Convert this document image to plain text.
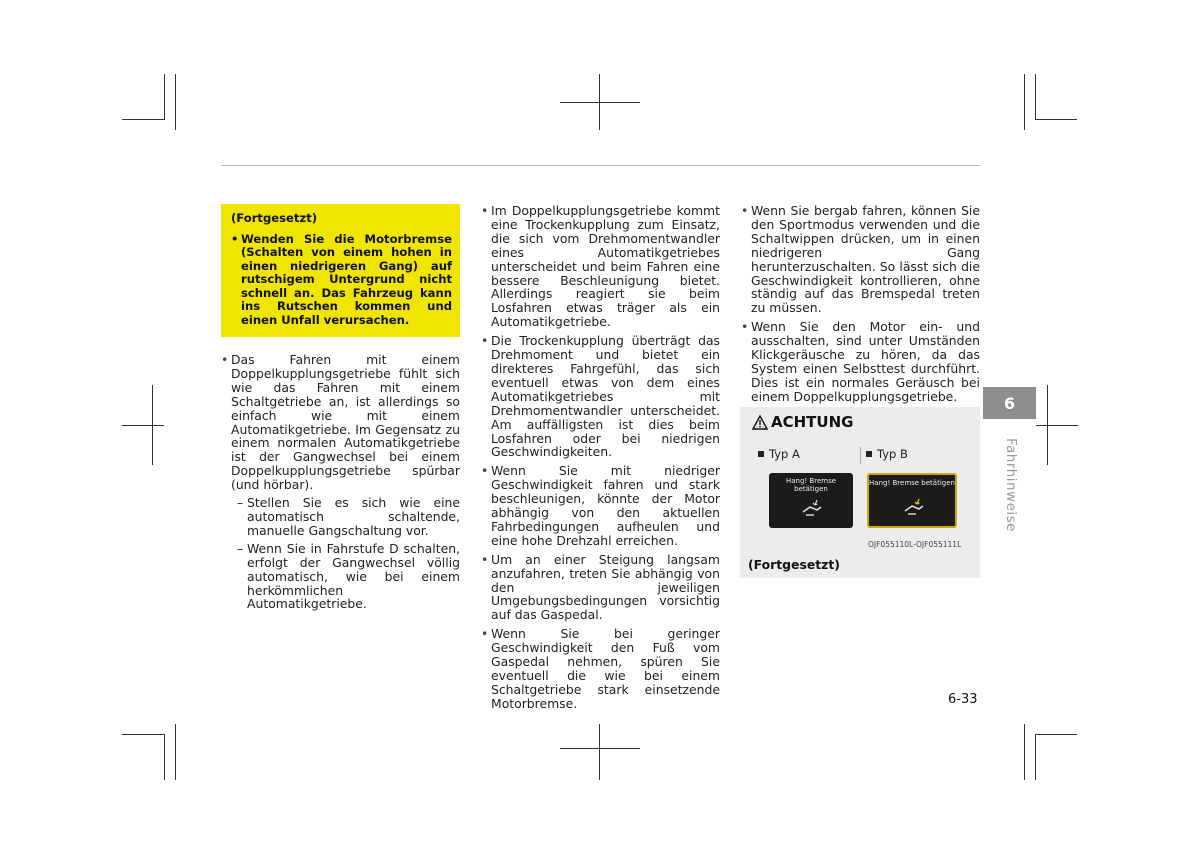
(Fortgesetzt)
• Wenden Sie die Motorbremse (Schalten von einem hohen in einen niedrigeren Gang) auf rutschigem Untergrund nicht schnell an. Das Fahrzeug kann ins Rutschen kommen und einen Unfall verursachen.
• Das Fahren mit einem Doppelkupplungsgetriebe fühlt sich wie das Fahren mit einem Schaltgetriebe an, ist allerdings so einfach wie mit einem Automatikgetriebe. Im Gegensatz zu einem normalen Automatikgetriebe ist der Gangwechsel bei einem Doppelkupplungsgetriebe spürbar (und hörbar).
– Stellen Sie es sich wie eine automatisch schaltende, manuelle Gangschaltung vor.
– Wenn Sie in Fahrstufe D schalten, erfolgt der Gangwechsel völlig automatisch, wie bei einem herkömmlichen Automatikgetriebe.
• Im Doppelkupplungsgetriebe kommt eine Trockenkupplung zum Einsatz, die sich vom Drehmomentwandler eines Automatikgetriebes unterscheidet und beim Fahren eine bessere Beschleunigung bietet. Allerdings reagiert sie beim Losfahren etwas träger als ein Automatikgetriebe.
• Die Trockenkupplung überträgt das Drehmoment und bietet ein direkteres Fahrgefühl, das sich eventuell etwas von dem eines Automatikgetriebes mit Drehmomentwandler unterscheidet. Am auffälligsten ist dies beim Losfahren oder bei niedrigen Geschwindigkeiten.
• Wenn Sie mit niedriger Geschwindigkeit fahren und stark beschleunigen, könnte der Motor abhängig von den aktuellen Fahrbedingungen aufheulen und eine hohe Drehzahl erreichen.
• Um an einer Steigung langsam anzufahren, treten Sie abhängig von den jeweiligen Umgebungsbedingungen vorsichtig auf das Gaspedal.
• Wenn Sie bei geringer Geschwindigkeit den Fuß vom Gaspedal nehmen, spüren Sie eventuell die wie bei einem Schaltgetriebe stark einsetzende Motorbremse.
• Wenn Sie bergab fahren, können Sie den Sportmodus verwenden und die Schaltwippen drücken, um in einen niedrigeren Gang herunterzuschalten. So lässt sich die Geschwindigkeit kontrollieren, ohne ständig auf das Bremspedal treten zu müssen.
• Wenn Sie den Motor ein- und ausschalten, sind unter Umständen Klickgeräusche zu hören, da das System einen Selbsttest durchführt. Dies ist ein normales Geräusch bei einem Doppelkupplungsgetriebe.
ACHTUNG
Typ A	Typ B
Hang! Bremse betätigen
Hang! Bremse betätigen
OJF055110L-OJF055111L
(Fortgesetzt)
6
Fahrhinweise
6-33
